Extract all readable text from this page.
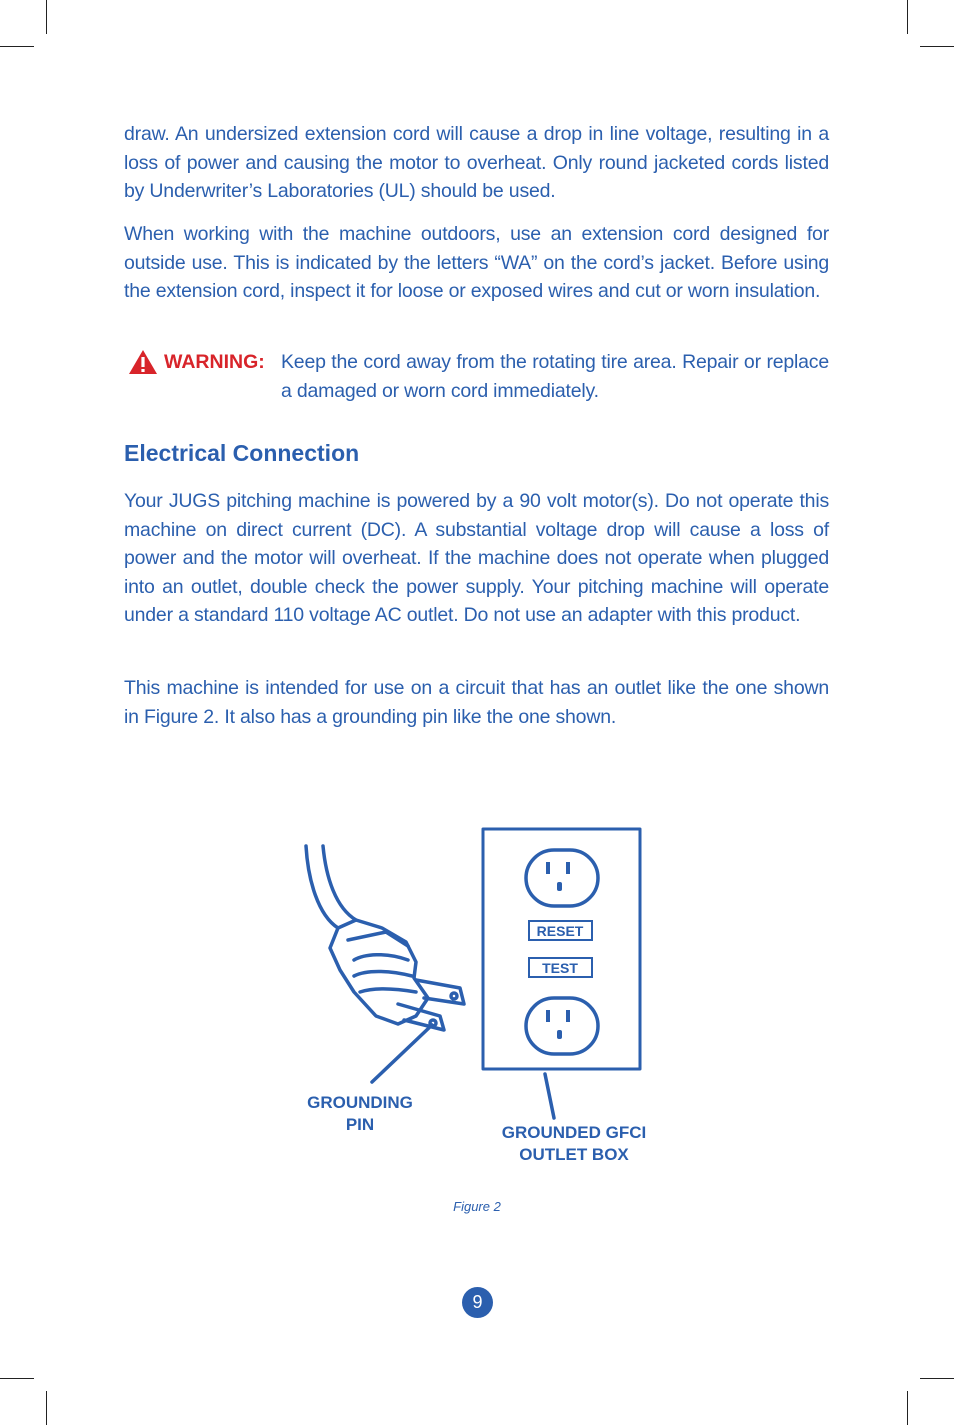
draw. An undersized extension cord will cause a drop in line voltage, resulting in a loss of power and causing the motor to overheat. Only round jacketed cords listed by Underwriter’s Laboratories (UL) should be used.

When working with the machine outdoors, use an extension cord designed for outside use. This is indicated by the letters “WA” on the cord’s jacket. Before using the extension cord, inspect it for loose or exposed wires and cut or worn insulation.

WARNING: Keep the cord away from the rotating tire area. Repair or replace a damaged or worn cord immediately.
Electrical Connection

Your JUGS pitching machine is powered by a 90 volt motor(s). Do not operate this machine on direct current (DC). A substantial voltage drop will cause a loss of power and the motor will overheat. If the machine does not operate when plugged into an outlet, double check the power supply. Your pitching machine will operate under a standard 110 voltage AC outlet. Do not use an adapter with this product.

This machine is intended for use on a circuit that has an outlet like the one shown in Figure 2. It also has a grounding pin like the one shown.

RESET
TEST
GROUNDING
PIN	GROUNDED GFCI
OUTLET BOX
Figure 2
9
